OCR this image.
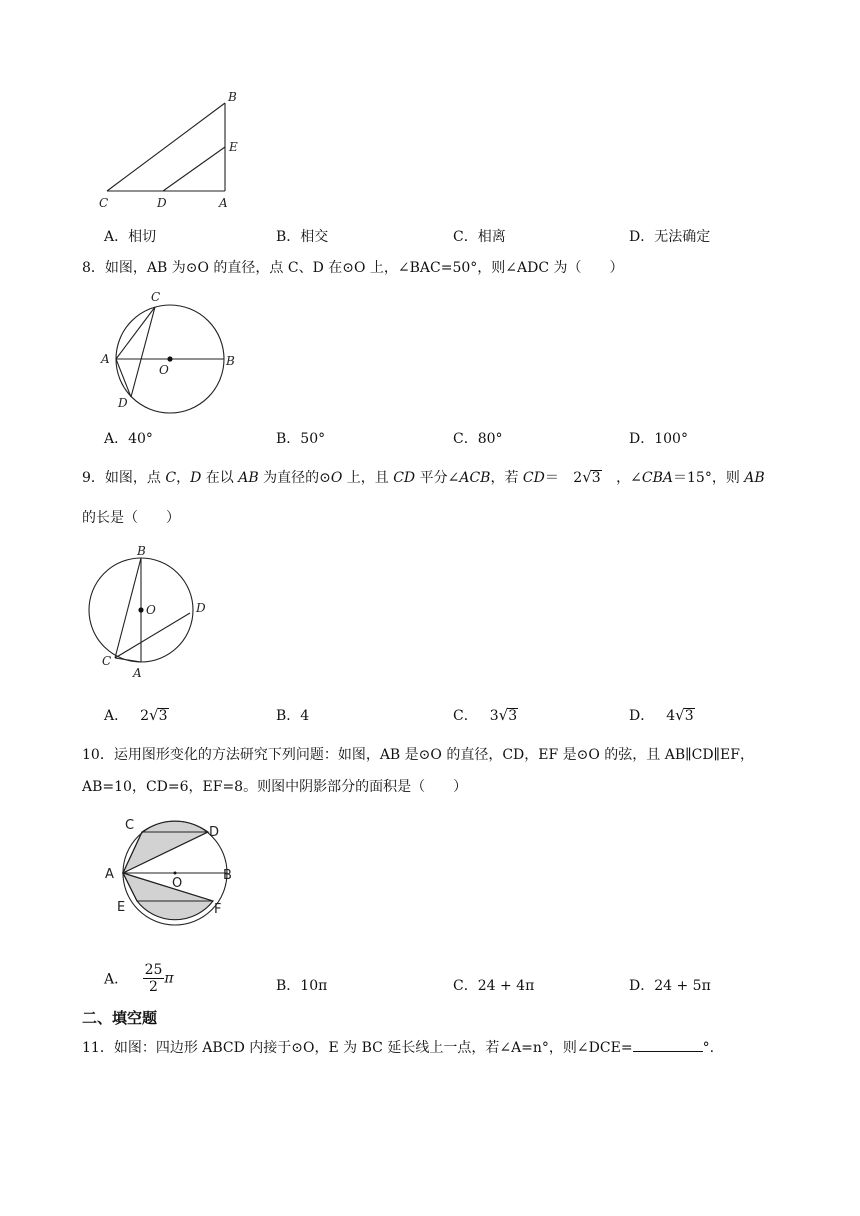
B
E
C	D	A
A．相切	B．相交	C．相离	D．无法确定
8．如图，AB 为⊙O 的直径，点 C、D 在⊙O 上，∠BAC=50°，则∠ADC 为（　　）
C
A
O
B
D
A．40°	B．50°	C．80°	D．100°
9．如图，点 C，D 在以 AB 为直径的⊙O 上，且 CD 平分∠ACB，若 CD＝ 2√3 ，∠CBA＝15°，则 AB
的长是（　　）
B
O	D
C
A
A． 2√3	B．4	C． 3√3	D． 4√3
10．运用图形变化的方法研究下列问题：如图，AB 是⊙O 的直径，CD，EF 是⊙O 的弦，且 AB∥CD∥EF，
AB=10，CD=6，EF=8。则图中阴影部分的面积是（　　）
C	D
A
O
B
E	F
A． $\frac{25}{2}$ π	B．10π	C．24 + 4π	D．24 + 5π
二、填空题
11．如图：四边形 ABCD 内接于⊙O，E 为 BC 延长线上一点，若∠A=n°，则∠DCE=	°.
